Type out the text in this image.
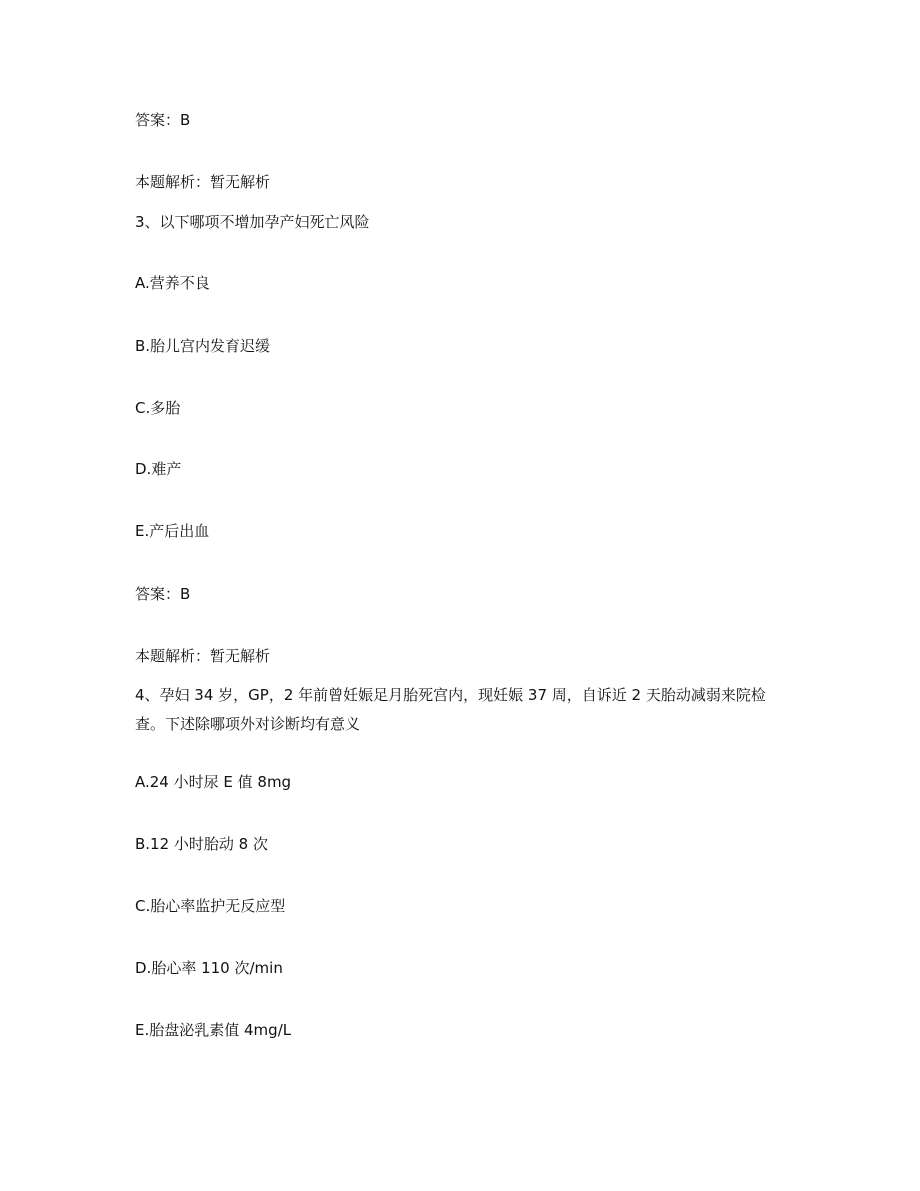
答案：B
本题解析：暂无解析
3、以下哪项不增加孕产妇死亡风险
A.营养不良
B.胎儿宫内发育迟缓
C.多胎
D.难产
E.产后出血
答案：B
本题解析：暂无解析
4、孕妇 34 岁，GP，2 年前曾妊娠足月胎死宫内，现妊娠 37 周，自诉近 2 天胎动减弱来院检查。下述除哪项外对诊断均有意义
A.24 小时尿 E 值 8mg
B.12 小时胎动 8 次
C.胎心率监护无反应型
D.胎心率 110 次/min
E.胎盘泌乳素值 4mg/L
